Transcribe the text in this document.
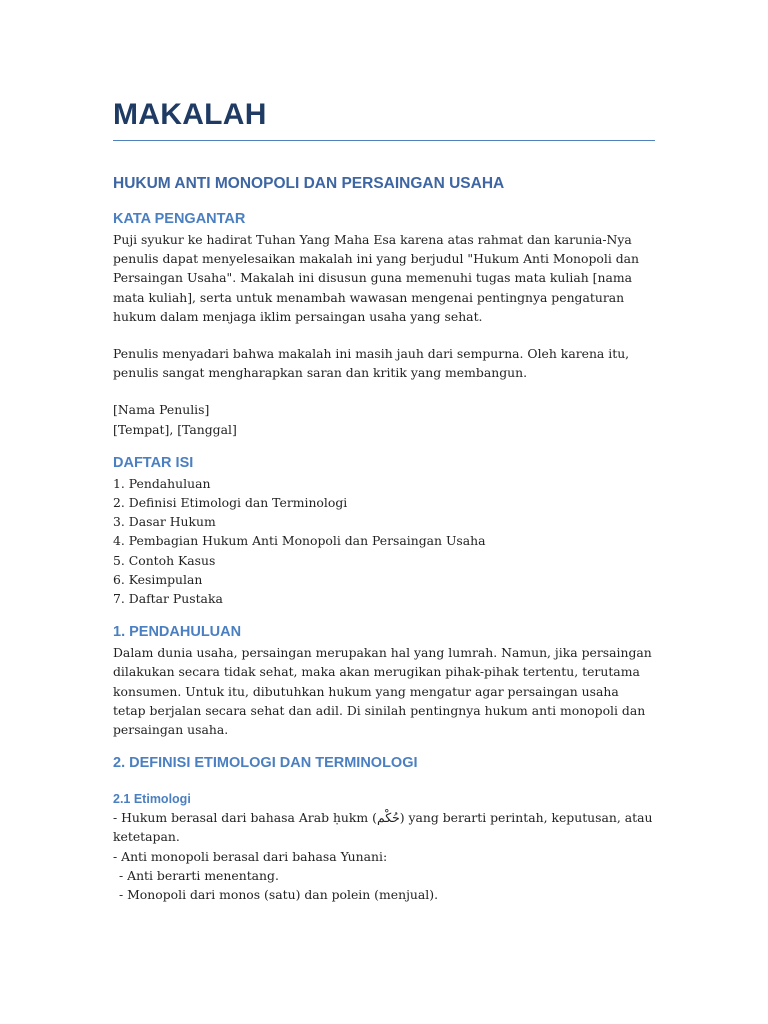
MAKALAH
HUKUM ANTI MONOPOLI DAN PERSAINGAN USAHA
KATA PENGANTAR

Puji syukur ke hadirat Tuhan Yang Maha Esa karena atas rahmat dan karunia-Nya penulis dapat menyelesaikan makalah ini yang berjudul "Hukum Anti Monopoli dan Persaingan Usaha". Makalah ini disusun guna memenuhi tugas mata kuliah [nama mata kuliah], serta untuk menambah wawasan mengenai pentingnya pengaturan hukum dalam menjaga iklim persaingan usaha yang sehat.

Penulis menyadari bahwa makalah ini masih jauh dari sempurna. Oleh karena itu, penulis sangat mengharapkan saran dan kritik yang membangun.

[Nama Penulis]

[Tempat], [Tanggal]

DAFTAR ISI
1. Pendahuluan
2. Definisi Etimologi dan Terminologi
3. Dasar Hukum
4. Pembagian Hukum Anti Monopoli dan Persaingan Usaha
5. Contoh Kasus
6. Kesimpulan
7. Daftar Pustaka
1. PENDAHULUAN

Dalam dunia usaha, persaingan merupakan hal yang lumrah. Namun, jika persaingan dilakukan secara tidak sehat, maka akan merugikan pihak-pihak tertentu, terutama konsumen. Untuk itu, dibutuhkan hukum yang mengatur agar persaingan usaha tetap berjalan secara sehat dan adil. Di sinilah pentingnya hukum anti monopoli dan persaingan usaha.

2. DEFINISI ETIMOLOGI DAN TERMINOLOGI
2.1 Etimologi

- Hukum berasal dari bahasa Arab ḥukm (حُكْم) yang berarti perintah, keputusan, atau ketetapan.

- Anti monopoli berasal dari bahasa Yunani:

- Anti berarti menentang.

- Monopoli dari monos (satu) dan polein (menjual).
